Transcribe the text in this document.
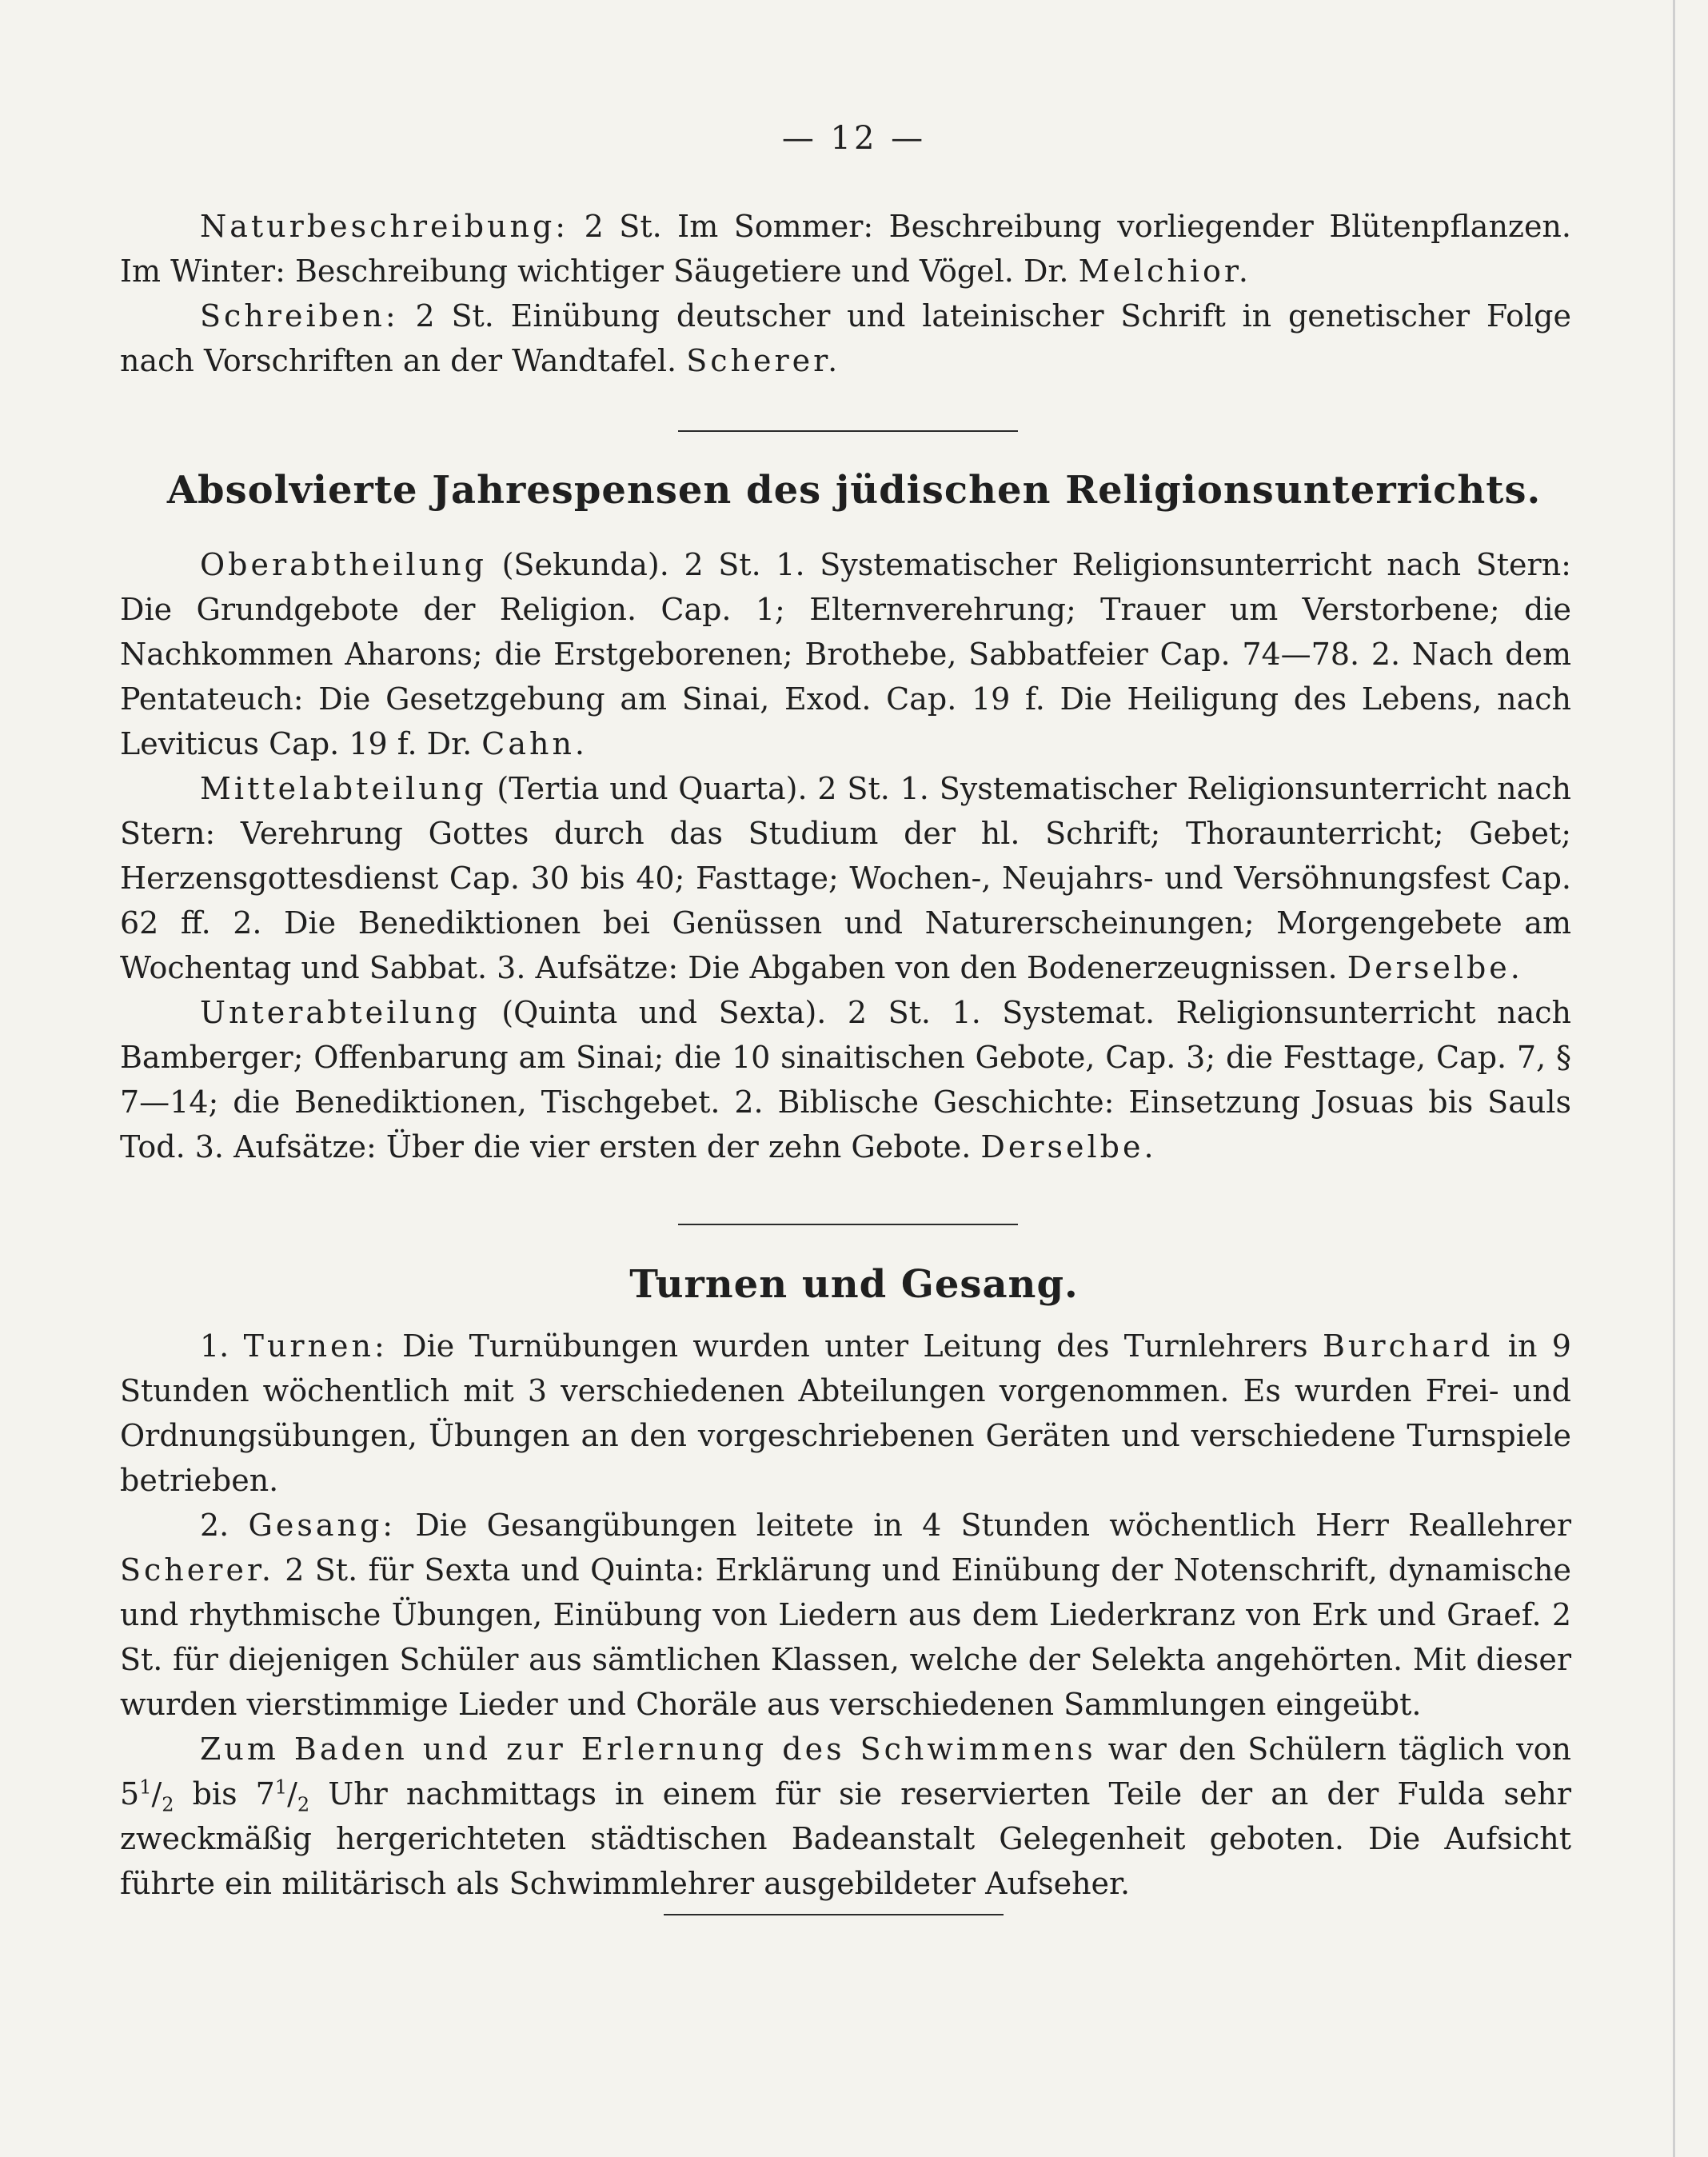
— 12 —

Naturbeschreibung: 2 St. Im Sommer: Beschreibung vorliegender Blütenpflanzen. Im Winter: Beschreibung wichtiger Säugetiere und Vögel. Dr. Melchior.

Schreiben: 2 St. Einübung deutscher und lateinischer Schrift in genetischer Folge nach Vorschriften an der Wandtafel. Scherer.

Absolvierte Jahrespensen des jüdischen Religionsunterrichts.

Oberabtheilung (Sekunda). 2 St. 1. Systematischer Religionsunterricht nach Stern: Die Grundgebote der Religion. Cap. 1; Elternverehrung; Trauer um Verstorbene; die Nachkommen Aharons; die Erstgeborenen; Brothebe, Sabbatfeier Cap. 74—78. 2. Nach dem Pentateuch: Die Gesetzgebung am Sinai, Exod. Cap. 19 f. Die Heiligung des Lebens, nach Leviticus Cap. 19 f. Dr. Cahn.

Mittelabteilung (Tertia und Quarta). 2 St. 1. Systematischer Religionsunterricht nach Stern: Verehrung Gottes durch das Studium der hl. Schrift; Thoraunterricht; Gebet; Herzensgottesdienst Cap. 30 bis 40; Fasttage; Wochen-, Neujahrs- und Versöhnungsfest Cap. 62 ff. 2. Die Benediktionen bei Genüssen und Naturerscheinungen; Morgengebete am Wochentag und Sabbat. 3. Aufsätze: Die Abgaben von den Bodenerzeugnissen. Derselbe.

Unterabteilung (Quinta und Sexta). 2 St. 1. Systemat. Religionsunterricht nach Bamberger; Offenbarung am Sinai; die 10 sinaitischen Gebote, Cap. 3; die Festtage, Cap. 7, § 7—14; die Benediktionen, Tischgebet. 2. Biblische Geschichte: Einsetzung Josuas bis Sauls Tod. 3. Aufsätze: Über die vier ersten der zehn Gebote. Derselbe.

Turnen und Gesang.

1. Turnen: Die Turnübungen wurden unter Leitung des Turnlehrers Burchard in 9 Stunden wöchentlich mit 3 verschiedenen Abteilungen vorgenommen. Es wurden Frei- und Ordnungsübungen, Übungen an den vorgeschriebenen Geräten und verschiedene Turnspiele betrieben.

2. Gesang: Die Gesangübungen leitete in 4 Stunden wöchentlich Herr Reallehrer Scherer. 2 St. für Sexta und Quinta: Erklärung und Einübung der Notenschrift, dynamische und rhythmische Übungen, Einübung von Liedern aus dem Liederkranz von Erk und Graef. 2 St. für diejenigen Schüler aus sämtlichen Klassen, welche der Selekta angehörten. Mit dieser wurden vierstimmige Lieder und Choräle aus verschiedenen Sammlungen eingeübt.

Zum Baden und zur Erlernung des Schwimmens war den Schülern täglich von $5^1/_2$ bis $7^1/_2$ Uhr nachmittags in einem für sie reservierten Teile der an der Fulda sehr zweckmäßig hergerichteten städtischen Badeanstalt Gelegenheit geboten. Die Aufsicht führte ein militärisch als Schwimmlehrer ausgebildeter Aufseher.
